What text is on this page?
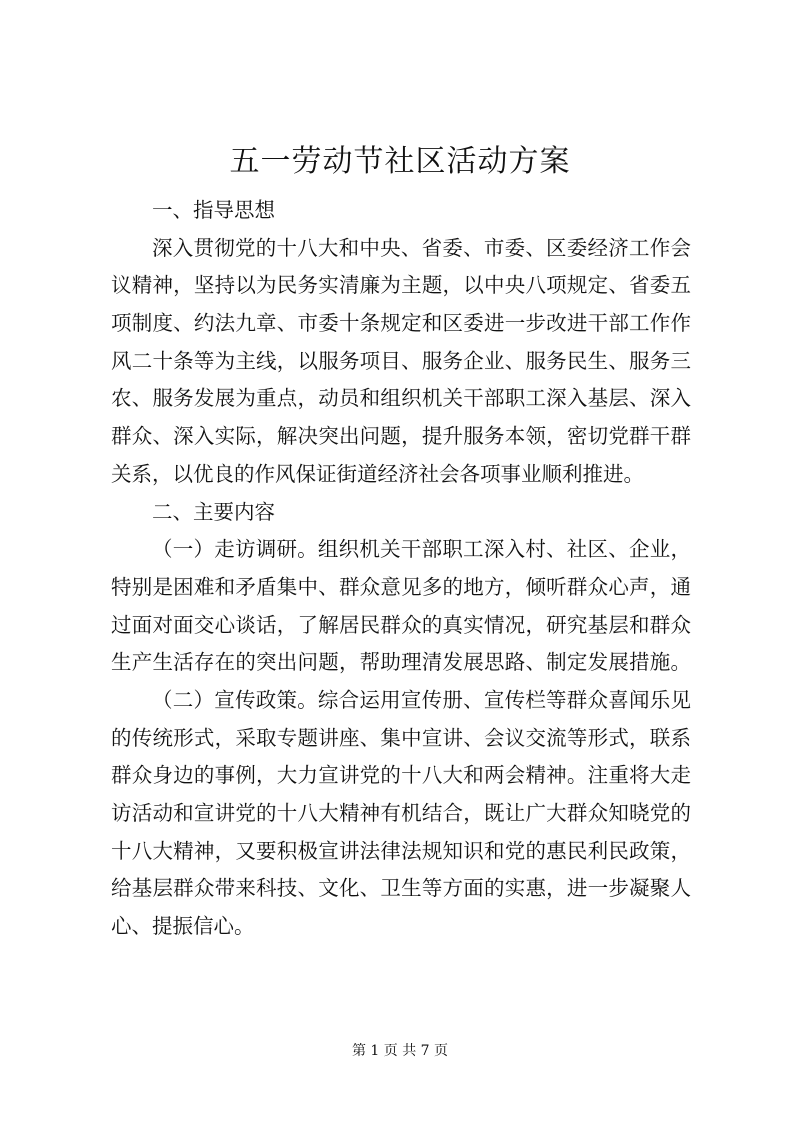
五一劳动节社区活动方案
一、指导思想
深入贯彻党的十八大和中央、省委、市委、区委经济工作会
议精神，坚持以为民务实清廉为主题，以中央八项规定、省委五
项制度、约法九章、市委十条规定和区委进一步改进干部工作作
风二十条等为主线，以服务项目、服务企业、服务民生、服务三
农、服务发展为重点，动员和组织机关干部职工深入基层、深入
群众、深入实际，解决突出问题，提升服务本领，密切党群干群
关系，以优良的作风保证街道经济社会各项事业顺利推进。
二、主要内容
（一）走访调研。组织机关干部职工深入村、社区、企业，
特别是困难和矛盾集中、群众意见多的地方，倾听群众心声，通
过面对面交心谈话，了解居民群众的真实情况，研究基层和群众
生产生活存在的突出问题，帮助理清发展思路、制定发展措施。
（二）宣传政策。综合运用宣传册、宣传栏等群众喜闻乐见
的传统形式，采取专题讲座、集中宣讲、会议交流等形式，联系
群众身边的事例，大力宣讲党的十八大和两会精神。注重将大走
访活动和宣讲党的十八大精神有机结合，既让广大群众知晓党的
十八大精神，又要积极宣讲法律法规知识和党的惠民利民政策，
给基层群众带来科技、文化、卫生等方面的实惠，进一步凝聚人
心、提振信心。
第 1 页 共 7 页
